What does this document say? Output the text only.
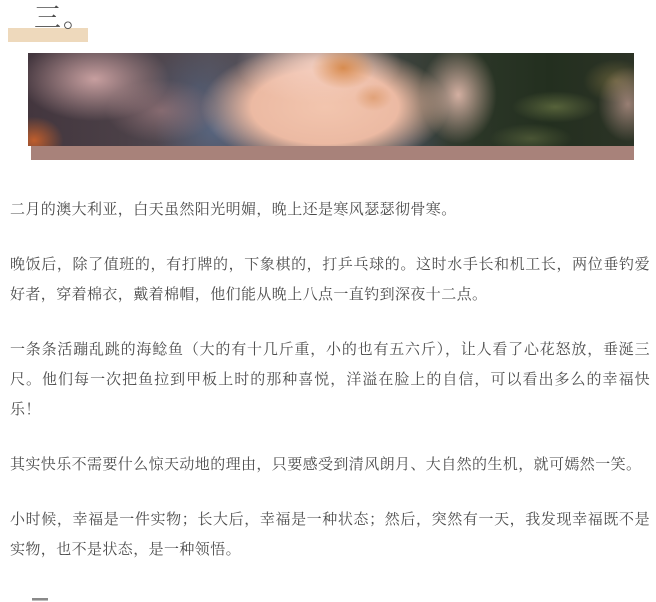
三。

二月的澳大利亚，白天虽然阳光明媚，晚上还是寒风瑟瑟彻骨寒。

晚饭后，除了值班的，有打牌的，下象棋的，打乒乓球的。这时水手长和机工长，两位垂钓爱好者，穿着棉衣，戴着棉帽，他们能从晚上八点一直钓到深夜十二点。

一条条活蹦乱跳的海鲶鱼（大的有十几斤重，小的也有五六斤），让人看了心花怒放，垂涎三尺。他们每一次把鱼拉到甲板上时的那种喜悦，洋溢在脸上的自信，可以看出多么的幸福快乐！

其实快乐不需要什么惊天动地的理由，只要感受到清风朗月、大自然的生机，就可嫣然一笑。

小时候，幸福是一件实物；长大后，幸福是一种状态；然后，突然有一天，我发现幸福既不是实物，也不是状态，是一种领悟。
